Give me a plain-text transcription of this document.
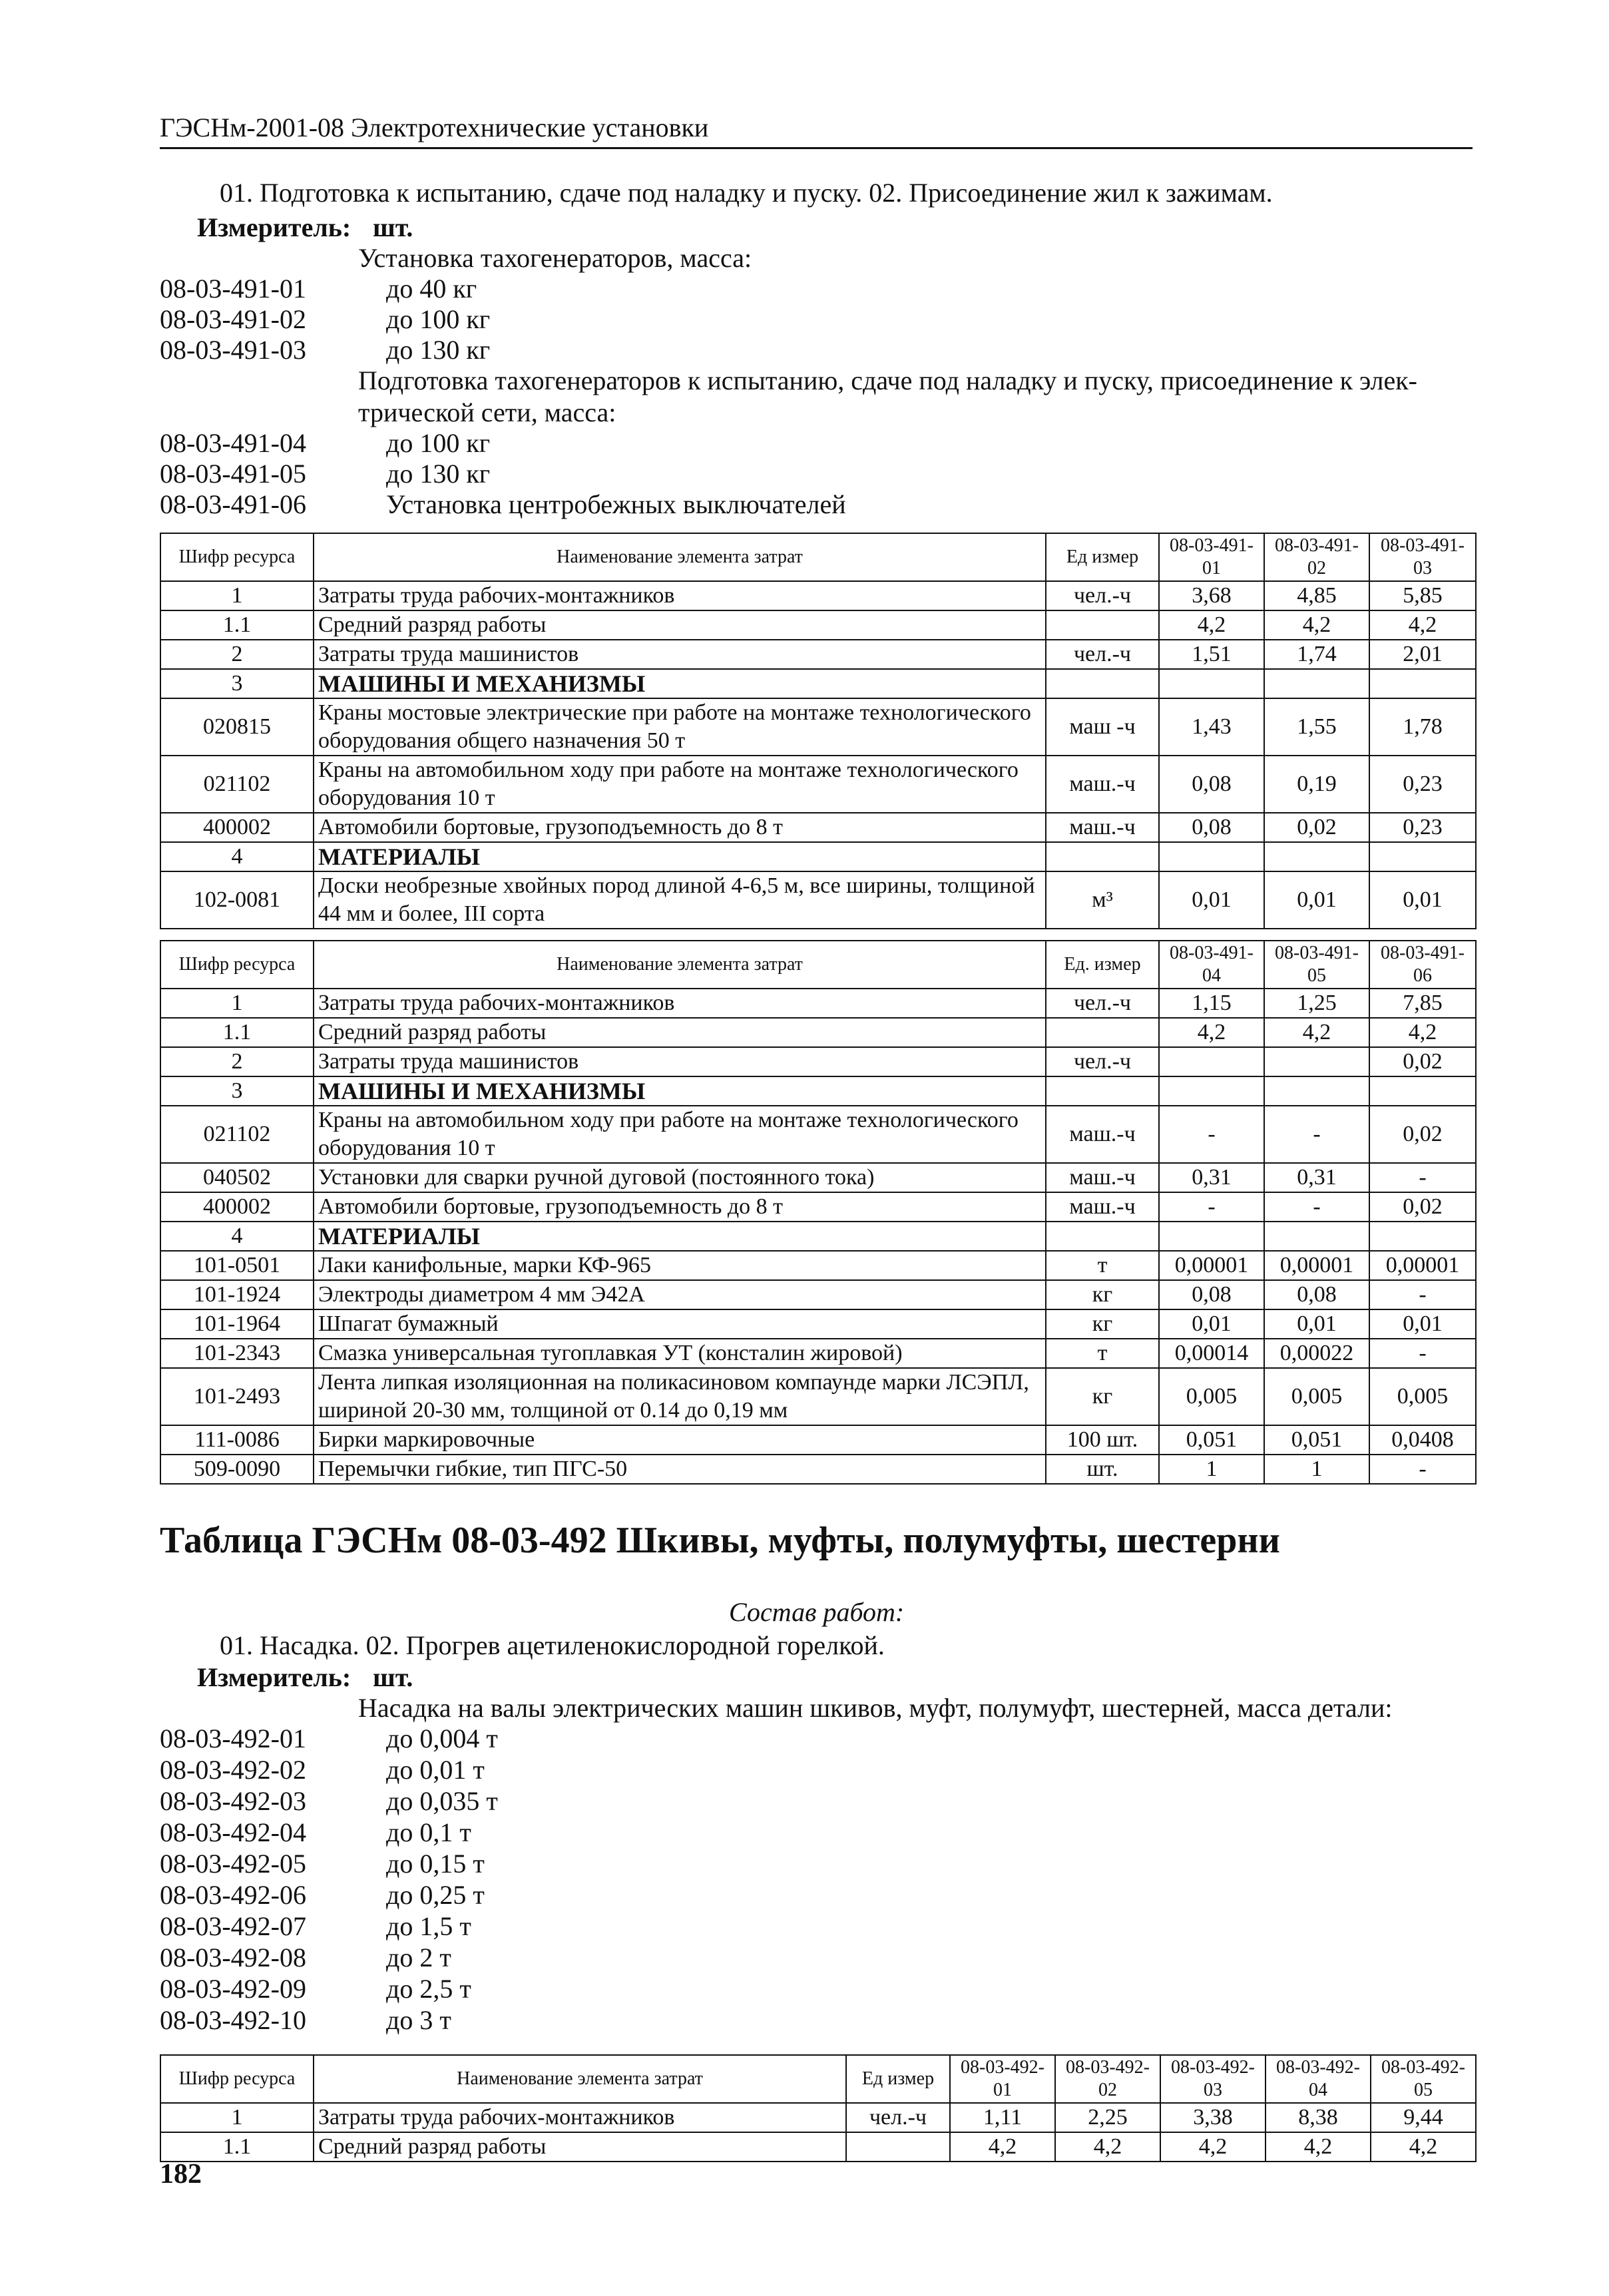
ГЭСНм-2001-08 Электротехнические установки
01. Подготовка к испытанию, сдаче под наладку и пуску. 02. Присоединение жил к зажимам.
Измеритель: шт.
Установка тахогенераторов, масса:
08-03-491-01	до 40 кг
08-03-491-02	до 100 кг
08-03-491-03	до 130 кг
Подготовка тахогенераторов к испытанию, сдаче под наладку и пуску, присоединение к элек-
трической сети, масса:
08-03-491-04	до 100 кг
08-03-491-05	до 130 кг
08-03-491-06	Установка центробежных выключателей
Шифр ресурса	Наименование элемента затрат	Ед измер	08-03-491-01	08-03-491-02	08-03-491-03
1	Затраты труда рабочих-монтажников	чел.-ч	3,68	4,85	5,85
1.1	Средний разряд работы		4,2	4,2	4,2
2	Затраты труда машинистов	чел.-ч	1,51	1,74	2,01
3	МАШИНЫ И МЕХАНИЗМЫ				
020815	Краны мостовые электрические при работе на монтаже технологического оборудования общего назначения 50 т	маш -ч	1,43	1,55	1,78
021102	Краны на автомобильном ходу при работе на монтаже технологического оборудования 10 т	маш.-ч	0,08	0,19	0,23
400002	Автомобили бортовые, грузоподъемность до 8 т	маш.-ч	0,08	0,02	0,23
4	МАТЕРИАЛЫ				
102-0081	Доски необрезные хвойных пород длиной 4-6,5 м, все ширины, толщиной 44 мм и более, III сорта	м³	0,01	0,01	0,01
Шифр ресурса	Наименование элемента затрат	Ед. измер	08-03-491-04	08-03-491-05	08-03-491-06
1	Затраты труда рабочих-монтажников	чел.-ч	1,15	1,25	7,85
1.1	Средний разряд работы		4,2	4,2	4,2
2	Затраты труда машинистов	чел.-ч			0,02
3	МАШИНЫ И МЕХАНИЗМЫ				
021102	Краны на автомобильном ходу при работе на монтаже технологического оборудования 10 т	маш.-ч	-	-	0,02
040502	Установки для сварки ручной дуговой (постоянного тока)	маш.-ч	0,31	0,31	-
400002	Автомобили бортовые, грузоподъемность до 8 т	маш.-ч	-	-	0,02
4	МАТЕРИАЛЫ				
101-0501	Лаки канифольные, марки КФ-965	т	0,00001	0,00001	0,00001
101-1924	Электроды диаметром 4 мм Э42А	кг	0,08	0,08	-
101-1964	Шпагат бумажный	кг	0,01	0,01	0,01
101-2343	Смазка универсальная тугоплавкая УТ (консталин жировой)	т	0,00014	0,00022	-
101-2493	Лента липкая изоляционная на поликасиновом компаунде марки ЛСЭПЛ, шириной 20-30 мм, толщиной от 0.14 до 0,19 мм	кг	0,005	0,005	0,005
111-0086	Бирки маркировочные	100 шт.	0,051	0,051	0,0408
509-0090	Перемычки гибкие, тип ПГС-50	шт.	1	1	-
Таблица ГЭСНм 08-03-492 Шкивы, муфты, полумуфты, шестерни
Состав работ:
01. Насадка. 02. Прогрев ацетиленокислородной горелкой.
Измеритель: шт.
Насадка на валы электрических машин шкивов, муфт, полумуфт, шестерней, масса детали:
08-03-492-01	до 0,004 т
08-03-492-02	до 0,01 т
08-03-492-03	до 0,035 т
08-03-492-04	до 0,1 т
08-03-492-05	до 0,15 т
08-03-492-06	до 0,25 т
08-03-492-07	до 1,5 т
08-03-492-08	до 2 т
08-03-492-09	до 2,5 т
08-03-492-10	до 3 т
Шифр ресурса	Наименование элемента затрат	Ед измер	08-03-492-01	08-03-492-02	08-03-492-03	08-03-492-04	08-03-492-05
1	Затраты труда рабочих-монтажников	чел.-ч	1,11	2,25	3,38	8,38	9,44
1.1	Средний разряд работы		4,2	4,2	4,2	4,2	4,2
182
